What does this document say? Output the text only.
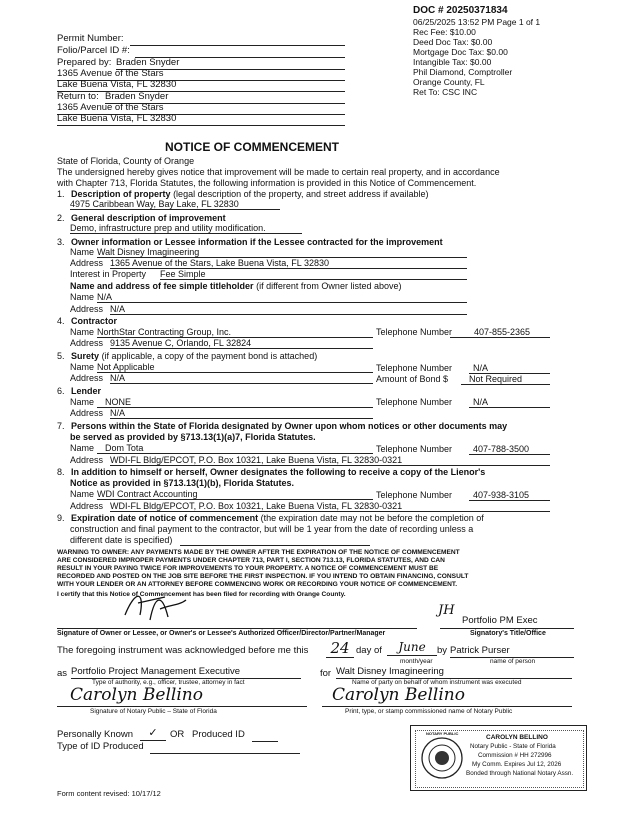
DOC # 20250371834
06/25/2025 13:52 PM Page 1 of 1
Rec Fee: $10.00
Deed Doc Tax: $0.00
Mortgage Doc Tax: $0.00
Intangible Tax: $0.00
Phil Diamond, Comptroller
Orange County, FL
Ret To: CSC INC
Permit Number:
Folio/Parcel ID #:
Prepared by: Braden Snyder
1365 Avenue of the Stars
Lake Buena Vista, FL 32830
Return to: Braden Snyder
1365 Avenue of the Stars
Lake Buena Vista, FL 32830
NOTICE OF COMMENCEMENT
State of Florida, County of Orange
The undersigned hereby gives notice that improvement will be made to certain real property, and in accordance
with Chapter 713, Florida Statutes, the following information is provided in this Notice of Commencement.
1. Description of property (legal description of the property, and street address if available)
4975 Caribbean Way, Bay Lake, FL 32830
2. General description of improvement
Demo, infrastructure prep and utility modification.
3. Owner information or Lessee information if the Lessee contracted for the improvement
Name Walt Disney Imagineering
Address 1365 Avenue of the Stars, Lake Buena Vista, FL 32830
Interest in Property Fee Simple
Name and address of fee simple titleholder (if different from Owner listed above)
Name N/A
Address N/A
4. Contractor
Name NorthStar Contracting Group, Inc.	Telephone Number	407-855-2365
Address 9135 Avenue C, Orlando, FL 32824
5. Surety (if applicable, a copy of the payment bond is attached)
Name Not Applicable	Telephone Number	N/A
Address N/A	Amount of Bond $	Not Required
6. Lender
Name	NONE	Telephone Number	N/A
Address N/A
7. Persons within the State of Florida designated by Owner upon whom notices or other documents may
be served as provided by §713.13(1)(a)7, Florida Statutes.
Name	Dom Tota	Telephone Number	407-788-3500
Address WDI-FL Bldg/EPCOT, P.O. Box 10321, Lake Buena Vista, FL 32830-0321
8. In addition to himself or herself, Owner designates the following to receive a copy of the Lienor's
Notice as provided in §713.13(1)(b), Florida Statutes.
Name WDI Contract Accounting	Telephone Number	407-938-3105
Address WDI-FL Bldg/EPCOT, P.O. Box 10321, Lake Buena Vista, FL 32830-0321
9. Expiration date of notice of commencement (the expiration date may not be before the completion of
construction and final payment to the contractor, but will be 1 year from the date of recording unless a
different date is specified)
WARNING TO OWNER: ANY PAYMENTS MADE BY THE OWNER AFTER THE EXPIRATION OF THE NOTICE OF COMMENCEMENT
ARE CONSIDERED IMPROPER PAYMENTS UNDER CHAPTER 713, PART I, SECTION 713.13, FLORIDA STATUTES, AND CAN
RESULT IN YOUR PAYING TWICE FOR IMPROVEMENTS TO YOUR PROPERTY. A NOTICE OF COMMENCEMENT MUST BE
RECORDED AND POSTED ON THE JOB SITE BEFORE THE FIRST INSPECTION. IF YOU INTEND TO OBTAIN FINANCING, CONSULT
WITH YOUR LENDER OR AN ATTORNEY BEFORE COMMENCING WORK OR RECORDING YOUR NOTICE OF COMMENCEMENT.
I certify that this Notice of Commencement has been filed for recording with Orange County.
JH
Portfolio PM Exec
Signature of Owner or Lessee, or Owner's or Lessee's Authorized Officer/Director/Partner/Manager	Signatory's Title/Office
The foregoing instrument was acknowledged before me this 24 day of	June	by Patrick Purser
month/year	name of person
as Portfolio Project Management Executive	for Walt Disney Imagineering
Type of authority, e.g., officer, trustee, attorney in fact	Name of party on behalf of whom instrument was executed
Carolyn Bellino
Signature of Notary Public – State of Florida
Carolyn Bellino
Print, type, or stamp commissioned name of Notary Public
Personally Known	✓	OR Produced ID
Type of ID Produced
NOTARY PUBLIC
CAROLYN BELLINO
Notary Public - State of Florida
Commission # HH 272996
My Comm. Expires Jul 12, 2026
Bonded through National Notary Assn.
Form content revised: 10/17/12
